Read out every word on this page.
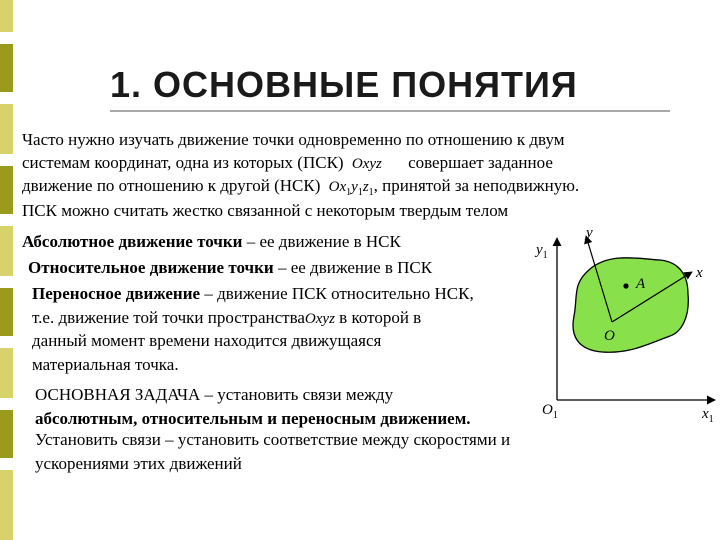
1. ОСНОВНЫЕ ПОНЯТИЯ
Часто нужно изучать движение точки одновременно по отношению к двум
системам координат, одна из которых (ПСК) Oxyz совершает заданное
движение по отношению к другой (НСК) $Ox_1y_1z_1$, принятой за неподвижную.
ПСК можно считать жестко связанной с некоторым твердым телом
Абсолютное движение точки – ее движение в НСК
Относительное движение точки – ее движение в ПСК
Переносное движение – движение ПСК относительно НСК,
т.е. движение той точки пространстваOxyz в которой в
данный момент времени находится движущаяся
материальная точка.
ОСНОВНАЯ ЗАДАЧА – установить связи между
абсолютным, относительным и переносным движением.
Установить связи – установить соответствие между скоростями и
ускорениями этих движений
$y_1$
$x_1$
$O_1$
y
x
O
A
